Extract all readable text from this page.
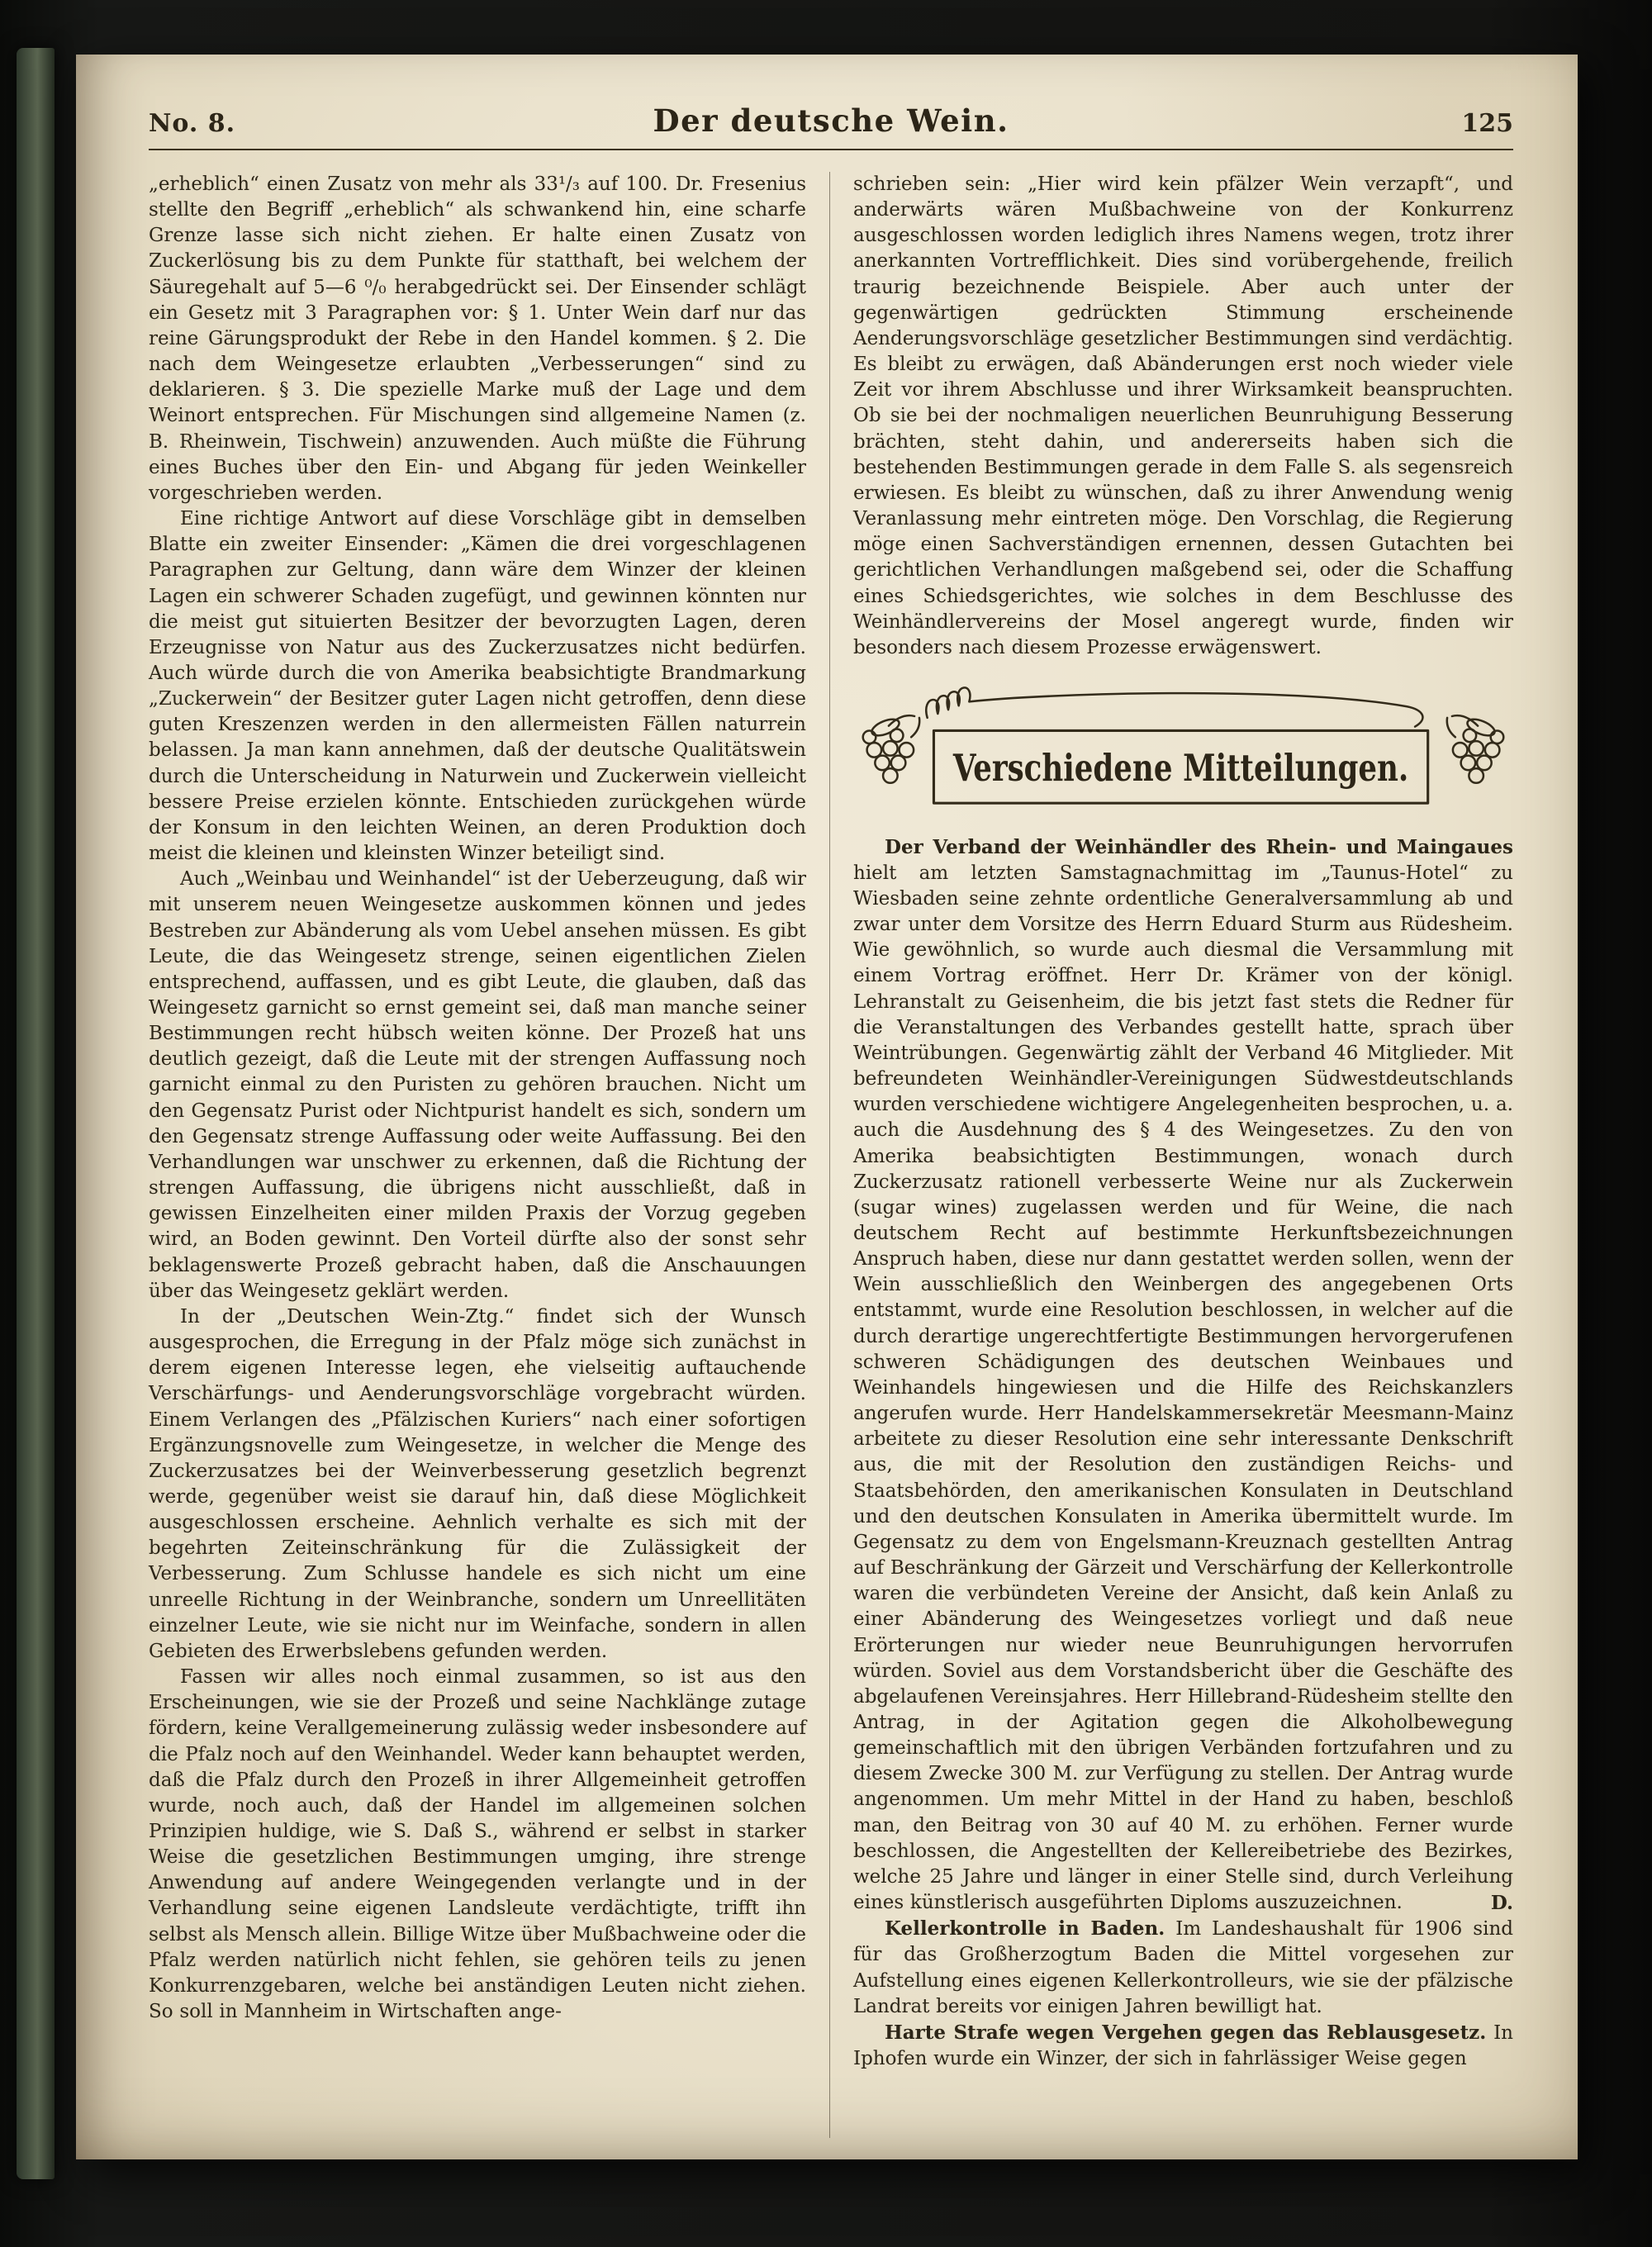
No. 8.	Der deutsche Wein.	125

„erheblich“ einen Zusatz von mehr als 33¹/₃ auf 100. Dr. Fresenius stellte den Begriff „erheblich“ als schwankend hin, eine scharfe Grenze lasse sich nicht ziehen. Er halte einen Zusatz von Zuckerlösung bis zu dem Punkte für statthaft, bei welchem der Säuregehalt auf 5—6 ⁰/₀ herabgedrückt sei. Der Einsender schlägt ein Gesetz mit 3 Paragraphen vor: § 1. Unter Wein darf nur das reine Gärungsprodukt der Rebe in den Handel kommen. § 2. Die nach dem Weingesetze erlaubten „Verbesserungen“ sind zu deklarieren. § 3. Die spezielle Marke muß der Lage und dem Weinort entsprechen. Für Mischungen sind allgemeine Namen (z. B. Rheinwein, Tischwein) anzuwenden. Auch müßte die Führung eines Buches über den Ein- und Abgang für jeden Weinkeller vorgeschrieben werden.

Eine richtige Antwort auf diese Vorschläge gibt in demselben Blatte ein zweiter Einsender: „Kämen die drei vorgeschlagenen Paragraphen zur Geltung, dann wäre dem Winzer der kleinen Lagen ein schwerer Schaden zugefügt, und gewinnen könnten nur die meist gut situierten Besitzer der bevorzugten Lagen, deren Erzeugnisse von Natur aus des Zuckerzusatzes nicht bedürfen. Auch würde durch die von Amerika beabsichtigte Brandmarkung „Zuckerwein“ der Besitzer guter Lagen nicht getroffen, denn diese guten Kreszenzen werden in den allermeisten Fällen naturrein belassen. Ja man kann annehmen, daß der deutsche Qualitätswein durch die Unterscheidung in Naturwein und Zuckerwein vielleicht bessere Preise erzielen könnte. Entschieden zurückgehen würde der Konsum in den leichten Weinen, an deren Produktion doch meist die kleinen und kleinsten Winzer beteiligt sind.

Auch „Weinbau und Weinhandel“ ist der Ueberzeugung, daß wir mit unserem neuen Weingesetze auskommen können und jedes Bestreben zur Abänderung als vom Uebel ansehen müssen. Es gibt Leute, die das Weingesetz strenge, seinen eigentlichen Zielen entsprechend, auffassen, und es gibt Leute, die glauben, daß das Weingesetz garnicht so ernst gemeint sei, daß man manche seiner Bestimmungen recht hübsch weiten könne. Der Prozeß hat uns deutlich gezeigt, daß die Leute mit der strengen Auffassung noch garnicht einmal zu den Puristen zu gehören brauchen. Nicht um den Gegensatz Purist oder Nichtpurist handelt es sich, sondern um den Gegensatz strenge Auffassung oder weite Auffassung. Bei den Verhandlungen war unschwer zu erkennen, daß die Richtung der strengen Auffassung, die übrigens nicht ausschließt, daß in gewissen Einzelheiten einer milden Praxis der Vorzug gegeben wird, an Boden gewinnt. Den Vorteil dürfte also der sonst sehr beklagenswerte Prozeß gebracht haben, daß die Anschauungen über das Weingesetz geklärt werden.

In der „Deutschen Wein-Ztg.“ findet sich der Wunsch ausgesprochen, die Erregung in der Pfalz möge sich zunächst in derem eigenen Interesse legen, ehe vielseitig auftauchende Verschärfungs- und Aenderungsvorschläge vorgebracht würden. Einem Verlangen des „Pfälzischen Kuriers“ nach einer sofortigen Ergänzungsnovelle zum Weingesetze, in welcher die Menge des Zuckerzusatzes bei der Weinverbesserung gesetzlich begrenzt werde, gegenüber weist sie darauf hin, daß diese Möglichkeit ausgeschlossen erscheine. Aehnlich verhalte es sich mit der begehrten Zeiteinschränkung für die Zulässigkeit der Verbesserung. Zum Schlusse handele es sich nicht um eine unreelle Richtung in der Weinbranche, sondern um Unreellitäten einzelner Leute, wie sie nicht nur im Weinfache, sondern in allen Gebieten des Erwerbslebens gefunden werden.

Fassen wir alles noch einmal zusammen, so ist aus den Erscheinungen, wie sie der Prozeß und seine Nachklänge zutage fördern, keine Verallgemeinerung zulässig weder insbesondere auf die Pfalz noch auf den Weinhandel. Weder kann behauptet werden, daß die Pfalz durch den Prozeß in ihrer Allgemeinheit getroffen wurde, noch auch, daß der Handel im allgemeinen solchen Prinzipien huldige, wie S. Daß S., während er selbst in starker Weise die gesetzlichen Bestimmungen umging, ihre strenge Anwendung auf andere Weingegenden verlangte und in der Verhandlung seine eigenen Landsleute verdächtigte, trifft ihn selbst als Mensch allein. Billige Witze über Mußbachweine oder die Pfalz werden natürlich nicht fehlen, sie gehören teils zu jenen Konkurrenzgebaren, welche bei anständigen Leuten nicht ziehen. So soll in Mannheim in Wirtschaften ange-

schrieben sein: „Hier wird kein pfälzer Wein verzapft“, und anderwärts wären Mußbachweine von der Konkurrenz ausgeschlossen worden lediglich ihres Namens wegen, trotz ihrer anerkannten Vortrefflichkeit. Dies sind vorübergehende, freilich traurig bezeichnende Beispiele. Aber auch unter der gegenwärtigen gedrückten Stimmung erscheinende Aenderungsvorschläge gesetzlicher Bestimmungen sind verdächtig. Es bleibt zu erwägen, daß Abänderungen erst noch wieder viele Zeit vor ihrem Abschlusse und ihrer Wirksamkeit beanspruchten. Ob sie bei der nochmaligen neuerlichen Beunruhigung Besserung brächten, steht dahin, und andererseits haben sich die bestehenden Bestimmungen gerade in dem Falle S. als segensreich erwiesen. Es bleibt zu wünschen, daß zu ihrer Anwendung wenig Veranlassung mehr eintreten möge. Den Vorschlag, die Regierung möge einen Sachverständigen ernennen, dessen Gutachten bei gerichtlichen Verhandlungen maßgebend sei, oder die Schaffung eines Schiedsgerichtes, wie solches in dem Beschlusse des Weinhändlervereins der Mosel angeregt wurde, finden wir besonders nach diesem Prozesse erwägenswert.

Verschiedene Mitteilungen.

Der Verband der Weinhändler des Rhein- und Maingaues hielt am letzten Samstagnachmittag im „Taunus-Hotel“ zu Wiesbaden seine zehnte ordentliche Generalversammlung ab und zwar unter dem Vorsitze des Herrn Eduard Sturm aus Rüdesheim. Wie gewöhnlich, so wurde auch diesmal die Versammlung mit einem Vortrag eröffnet. Herr Dr. Krämer von der königl. Lehranstalt zu Geisenheim, die bis jetzt fast stets die Redner für die Veranstaltungen des Verbandes gestellt hatte, sprach über Weintrübungen. Gegenwärtig zählt der Verband 46 Mitglieder. Mit befreundeten Weinhändler-Vereinigungen Südwestdeutschlands wurden verschiedene wichtigere Angelegenheiten besprochen, u. a. auch die Ausdehnung des § 4 des Weingesetzes. Zu den von Amerika beabsichtigten Bestimmungen, wonach durch Zuckerzusatz rationell verbesserte Weine nur als Zuckerwein (sugar wines) zugelassen werden und für Weine, die nach deutschem Recht auf bestimmte Herkunftsbezeichnungen Anspruch haben, diese nur dann gestattet werden sollen, wenn der Wein ausschließlich den Weinbergen des angegebenen Orts entstammt, wurde eine Resolution beschlossen, in welcher auf die durch derartige ungerechtfertigte Bestimmungen hervorgerufenen schweren Schädigungen des deutschen Weinbaues und Weinhandels hingewiesen und die Hilfe des Reichskanzlers angerufen wurde. Herr Handelskammersekretär Meesmann-Mainz arbeitete zu dieser Resolution eine sehr interessante Denkschrift aus, die mit der Resolution den zuständigen Reichs- und Staatsbehörden, den amerikanischen Konsulaten in Deutschland und den deutschen Konsulaten in Amerika übermittelt wurde. Im Gegensatz zu dem von Engelsmann-Kreuznach gestellten Antrag auf Beschränkung der Gärzeit und Verschärfung der Kellerkontrolle waren die verbündeten Vereine der Ansicht, daß kein Anlaß zu einer Abänderung des Weingesetzes vorliegt und daß neue Erörterungen nur wieder neue Beunruhigungen hervorrufen würden. Soviel aus dem Vorstandsbericht über die Geschäfte des abgelaufenen Vereinsjahres. Herr Hillebrand-Rüdesheim stellte den Antrag, in der Agitation gegen die Alkoholbewegung gemeinschaftlich mit den übrigen Verbänden fortzufahren und zu diesem Zwecke 300 M. zur Verfügung zu stellen. Der Antrag wurde angenommen. Um mehr Mittel in der Hand zu haben, beschloß man, den Beitrag von 30 auf 40 M. zu erhöhen. Ferner wurde beschlossen, die Angestellten der Kellereibetriebe des Bezirkes, welche 25 Jahre und länger in einer Stelle sind, durch Verleihung eines künstlerisch ausgeführten Diploms auszuzeichnen.	D.

Kellerkontrolle in Baden. Im Landeshaushalt für 1906 sind für das Großherzogtum Baden die Mittel vorgesehen zur Aufstellung eines eigenen Kellerkontrolleurs, wie sie der pfälzische Landrat bereits vor einigen Jahren bewilligt hat.

Harte Strafe wegen Vergehen gegen das Reblausgesetz. In Iphofen wurde ein Winzer, der sich in fahrlässiger Weise gegen
